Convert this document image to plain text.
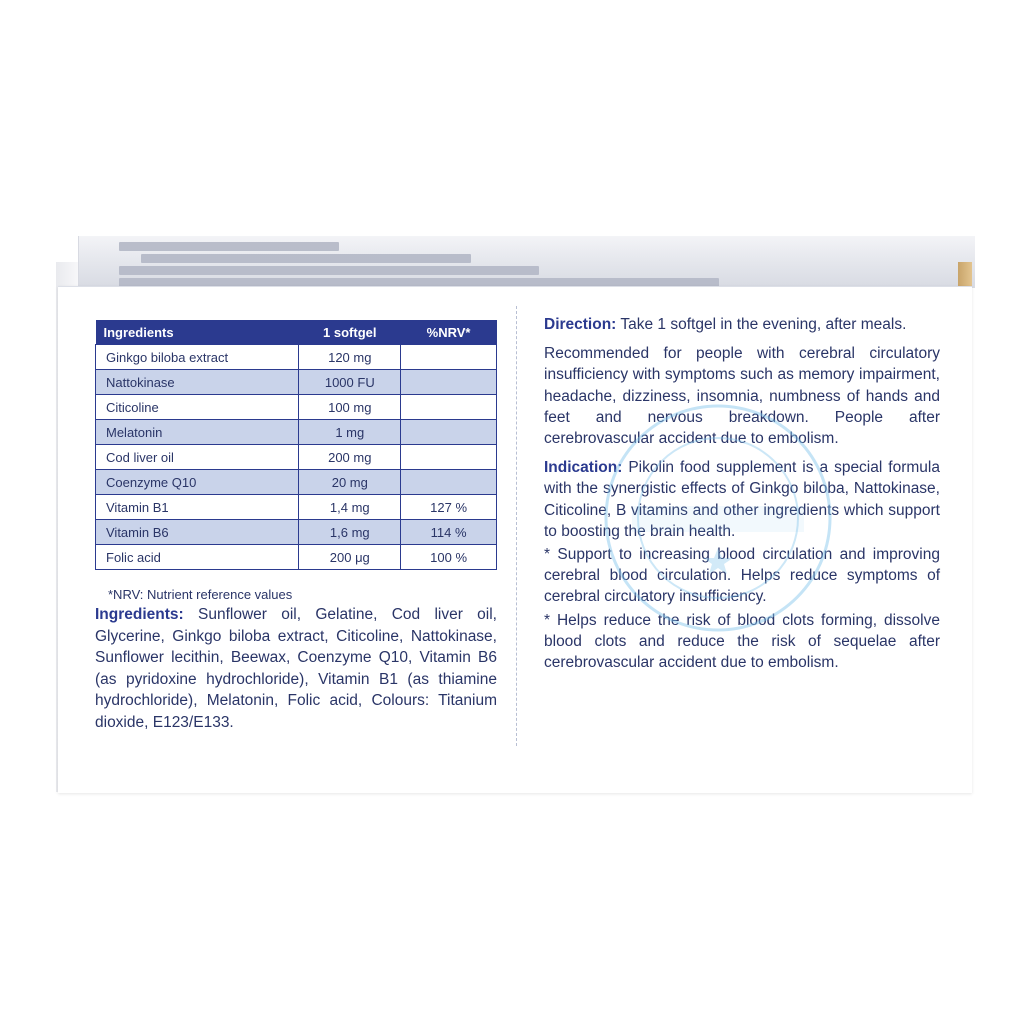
Ingredients	1 softgel	%NRV*
Ginkgo biloba extract	120 mg	
Nattokinase	1000 FU	
Citicoline	100 mg	
Melatonin	1 mg	
Cod liver oil	200 mg	
Coenzyme Q10	20 mg	
Vitamin B1	1,4 mg	127 %
Vitamin B6	1,6 mg	114 %
Folic acid	200 μg	100 %
*NRV: Nutrient reference values
Ingredients: Sunflower oil, Gelatine, Cod liver oil, Glycerine, Ginkgo biloba extract, Citicoline, Nattokinase, Sunflower lecithin, Beewax, Coenzyme Q10, Vitamin B6 (as pyridoxine hydrochloride), Vitamin B1 (as thiamine hydrochloride), Melatonin, Folic acid, Colours: Titanium dioxide, E123/E133.

Direction: Take 1 softgel in the evening, after meals.

Recommended for people with cerebral circulatory insufficiency with symptoms such as memory impairment, headache, dizziness, insomnia, numbness of hands and feet and nervous breakdown. People after cerebrovascular accident due to embolism.

Indication: Pikolin food supplement is a special formula with the synergistic effects of Ginkgo biloba, Nattokinase, Citicoline, B vitamins and other ingredients which support to boosting the brain health.

* Support to increasing blood circulation and improving cerebral blood circulation. Helps reduce symptoms of cerebral circulatory insufficiency.

* Helps reduce the risk of blood clots forming, dissolve blood clots and reduce the risk of sequelae after cerebrovascular accident due to embolism.
